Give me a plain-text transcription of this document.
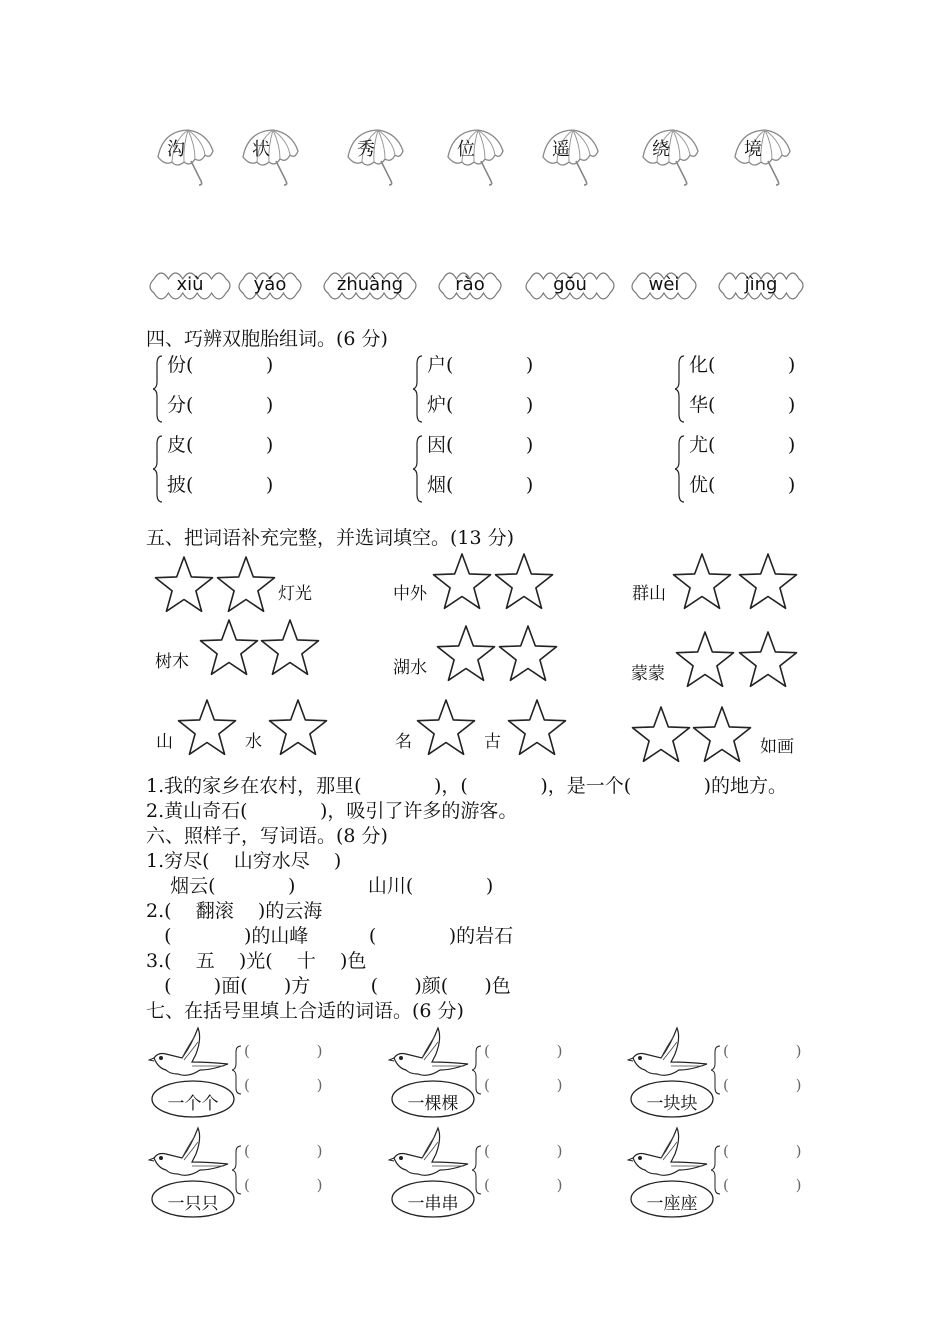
沟	状	秀	位	遥	绕	境
xiù	yáo	zhuàng	rào	gōu	wèi	jìng
四、巧辨双胞胎组词。(6 分)
份(            )
分(            )
户(            )
炉(            )
化(            )
华(            )
皮(            )
披(            )
因(            )
烟(            )
尤(            )
优(            )
五、把词语补充完整，并选词填空。(13 分)
灯光	中外	群山
树木	湖水	蒙蒙
山	水	名	古	如画
1.我的家乡在农村，那里(            )，(            )，是一个(            )的地方。
2.黄山奇石(            )，吸引了许多的游客。
六、照样子，写词语。(8 分)
1.穷尽(    山穷水尽    )
烟云(            )            山川(            )
2.(    翻滚    )的云海
(            )的山峰          (            )的岩石
3.(    五    )光(    十    )色
(       )面(      )方          (      )颜(      )色
七、在括号里填上合适的词语。(6 分)
一个个
(              )
(              )
一棵棵
(              )
(              )
一块块
(              )
(              )
一只只
(              )
(              )
一串串
(              )
(              )
一座座
(              )
(              )
